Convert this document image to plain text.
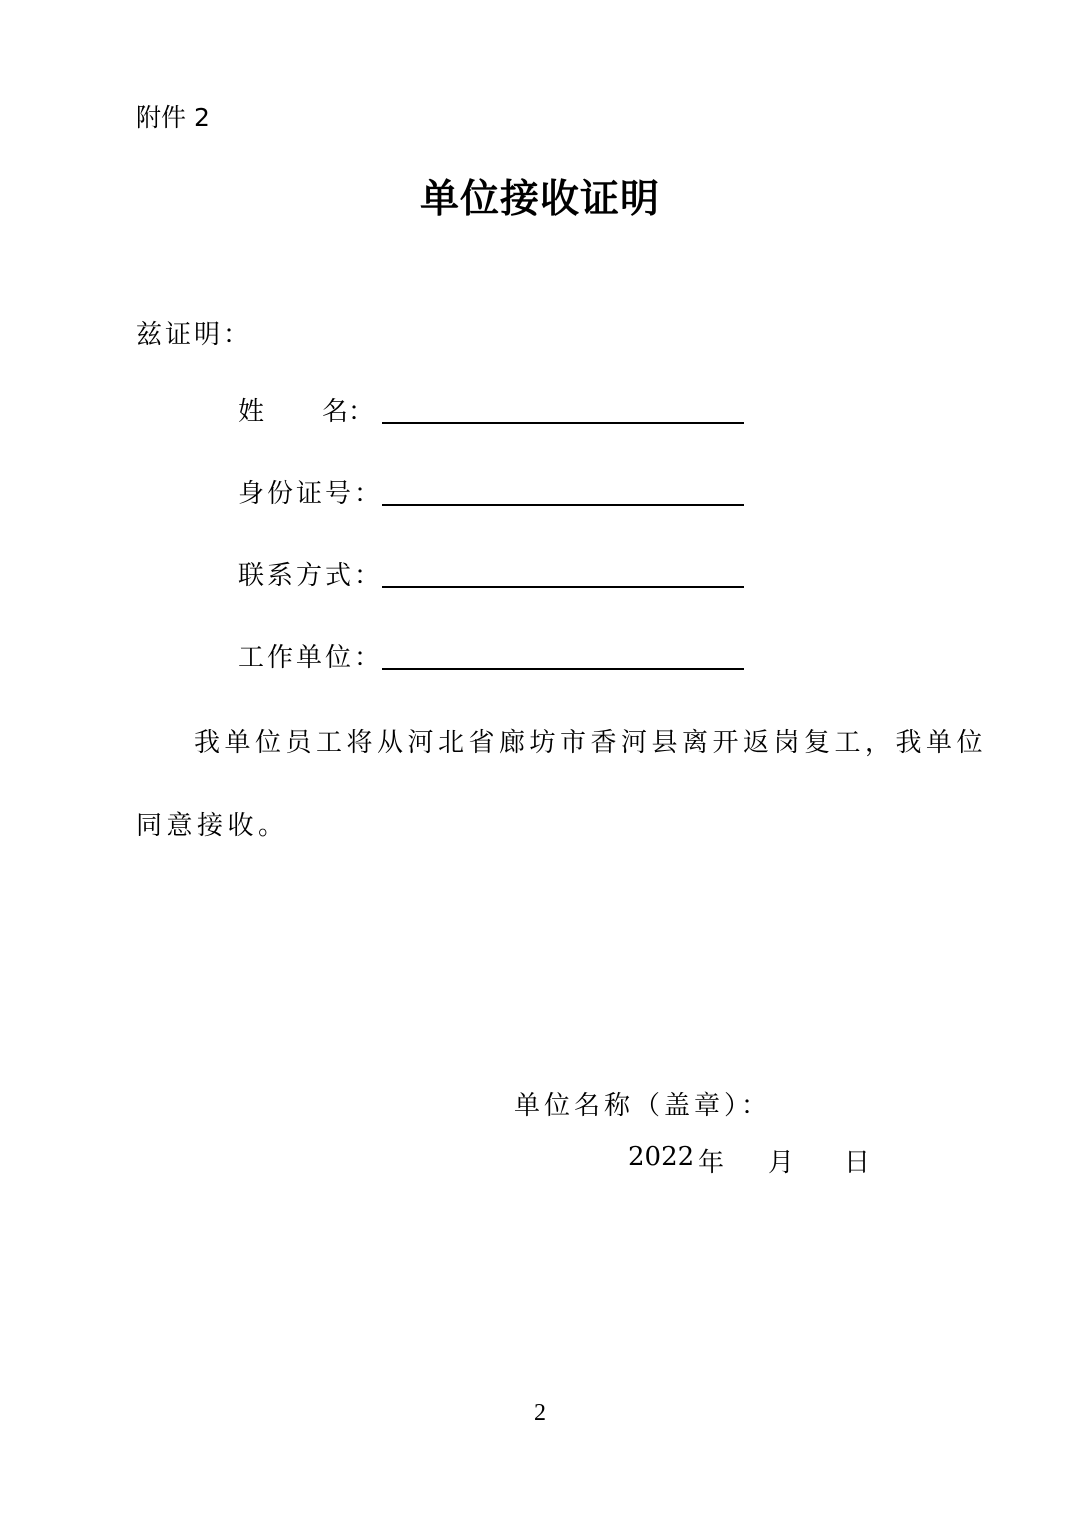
附件 2
单位接收证明
兹证明：
姓 名：
身份证号：
联系方式：
工作单位：
我单位员工将从河北省廊坊市香河县离开返岗复工，我单位
同意接收。
单位名称（盖章）：
2022 年 月 日
2
